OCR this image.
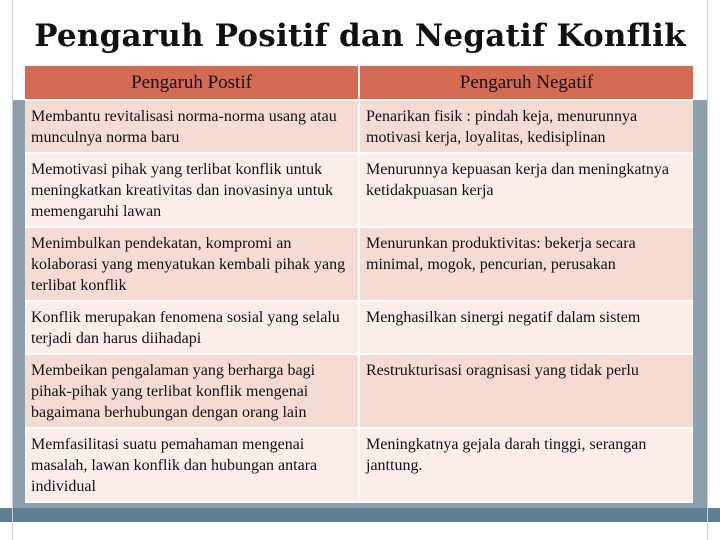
Pengaruh Positif dan Negatif Konflik
Pengaruh Postif	Pengaruh Negatif
Membantu revitalisasi norma-norma usang atau munculnya norma baru	Penarikan fisik : pindah keja, menurunnya motivasi kerja, loyalitas, kedisiplinan
Memotivasi pihak yang terlibat konflik untuk meningkatkan kreativitas dan inovasinya untuk memengaruhi lawan	Menurunnya kepuasan kerja dan meningkatnya ketidakpuasan kerja
Menimbulkan pendekatan, kompromi an kolaborasi yang menyatukan kembali pihak yang terlibat konflik	Menurunkan produktivitas: bekerja secara minimal, mogok, pencurian, perusakan
Konflik merupakan fenomena sosial yang selalu terjadi dan harus diihadapi	Menghasilkan sinergi negatif dalam sistem
Membeikan pengalaman yang berharga bagi pihak-pihak yang terlibat konflik mengenai bagaimana berhubungan dengan orang lain	Restrukturisasi oragnisasi yang tidak perlu
Memfasilitasi suatu pemahaman mengenai masalah, lawan konflik dan hubungan antara individual	Meningkatnya gejala darah tinggi, serangan janttung.
